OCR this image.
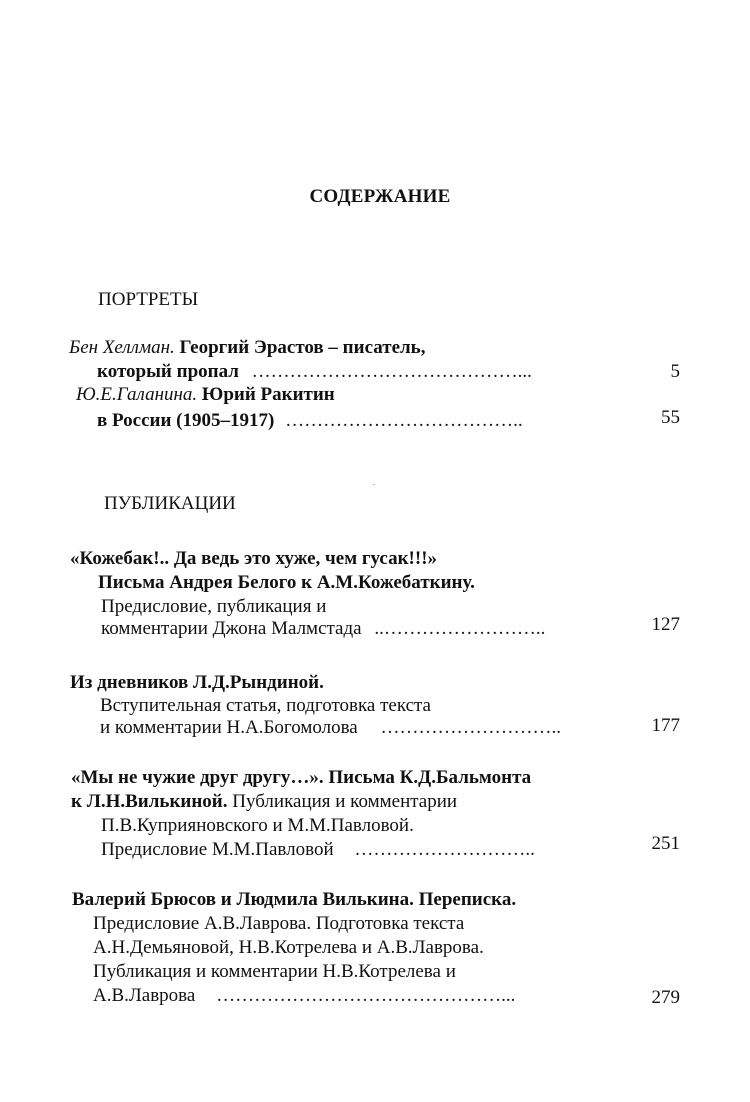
СОДЕРЖАНИЕ
ПОРТРЕТЫ
Бен Хеллман. Георгий Эрастов – писатель,
который пропал ……………………………………...	5
Ю.Е.Галанина. Юрий Ракитин
в России (1905–1917) ………………………………..	55
ПУБЛИКАЦИИ
«Кожебак!.. Да ведь это хуже, чем гусак!!!»
Письма Андрея Белого к А.М.Кожебаткину.
Предисловие, публикация и
комментарии Джона Малмстада ..……………………..	127
Из дневников Л.Д.Рындиной.
Вступительная статья, подготовка текста
и комментарии Н.А.Богомолова ………………………..	177
«Мы не чужие друг другу…». Письма К.Д.Бальмонта
к Л.Н.Вилькиной. Публикация и комментарии
П.В.Куприяновского и М.М.Павловой.
Предисловие М.М.Павловой ………………………..	251
Валерий Брюсов и Людмила Вилькина. Переписка.
Предисловие А.В.Лаврова. Подготовка текста
А.Н.Демьяновой, Н.В.Котрелева и А.В.Лаврова.
Публикация и комментарии Н.В.Котрелева и
А.В.Лаврова ………………………………………...	279
